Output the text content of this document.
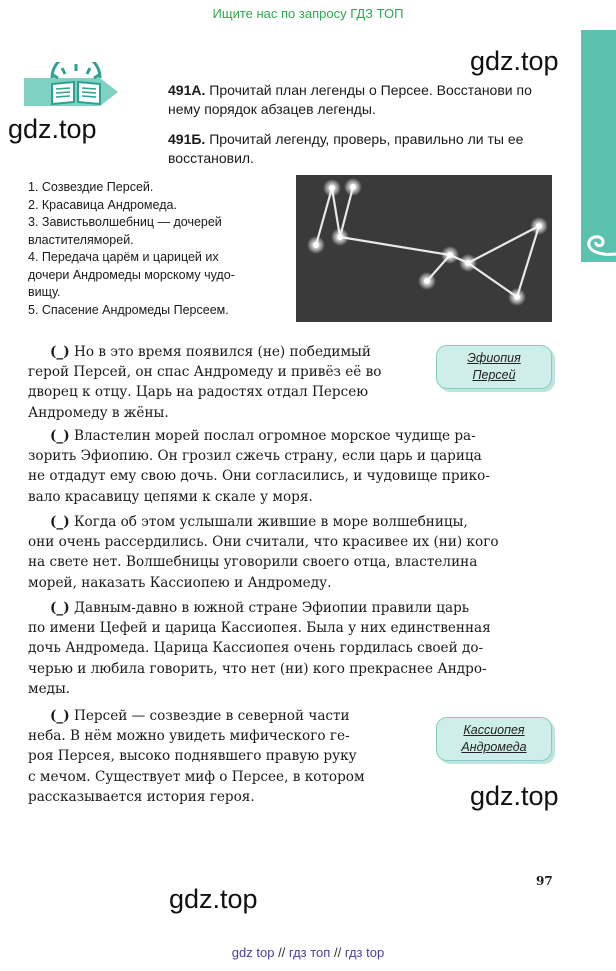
Ищите нас по запросу ГДЗ ТОП
gdz.top
gdz.top
gdz.top
gdz.top
491А. Прочитай план легенды о Персее. Восстанови по нему порядок абзацев легенды.
491Б. Прочитай легенду, проверь, правильно ли ты ее восстановил.
1. Созвездие Персей.
2. Красавица Андромеда.
3. Завистьволшебниц — дочерей
властителяморей.
4. Передача царём и царицей их
дочери Андромеды морскому чудо-
вищу.
5. Спасение Андромеды Персеем.
Эфиопия
Персей
Кассиопея
Андромеда
(_) Но в это время появился (не) победимый
герой Персей, он спас Андромеду и привёз её во
дворец к отцу. Царь на радостях отдал Персею
Андромеду в жёны.
(_) Властелин морей послал огромное морское чудище ра-
зорить Эфиопию. Он грозил сжечь страну, если царь и царица
не отдадут ему свою дочь. Они согласились, и чудовище прико-
вало красавицу цепями к скале у моря.
(_) Когда об этом услышали жившие в море волшебницы,
они очень рассердились. Они считали, что красивее их (ни) кого
на свете нет. Волшебницы уговорили своего отца, властелина
морей, наказать Кассиопею и Андромеду.
(_) Давным-давно в южной стране Эфиопии правили царь
по имени Цефей и царица Кассиопея. Была у них единственная
дочь Андромеда. Царица Кассиопея очень гордилась своей до-
черью и любила говорить, что нет (ни) кого прекраснее Андро-
меды.
(_) Персей — созвездие в северной части
неба. В нём можно увидеть мифического ге-
роя Персея, высоко поднявшего правую руку
с мечом. Существует миф о Персее, в котором
рассказывается история героя.
97
gdz top // гдз топ // гдз top
